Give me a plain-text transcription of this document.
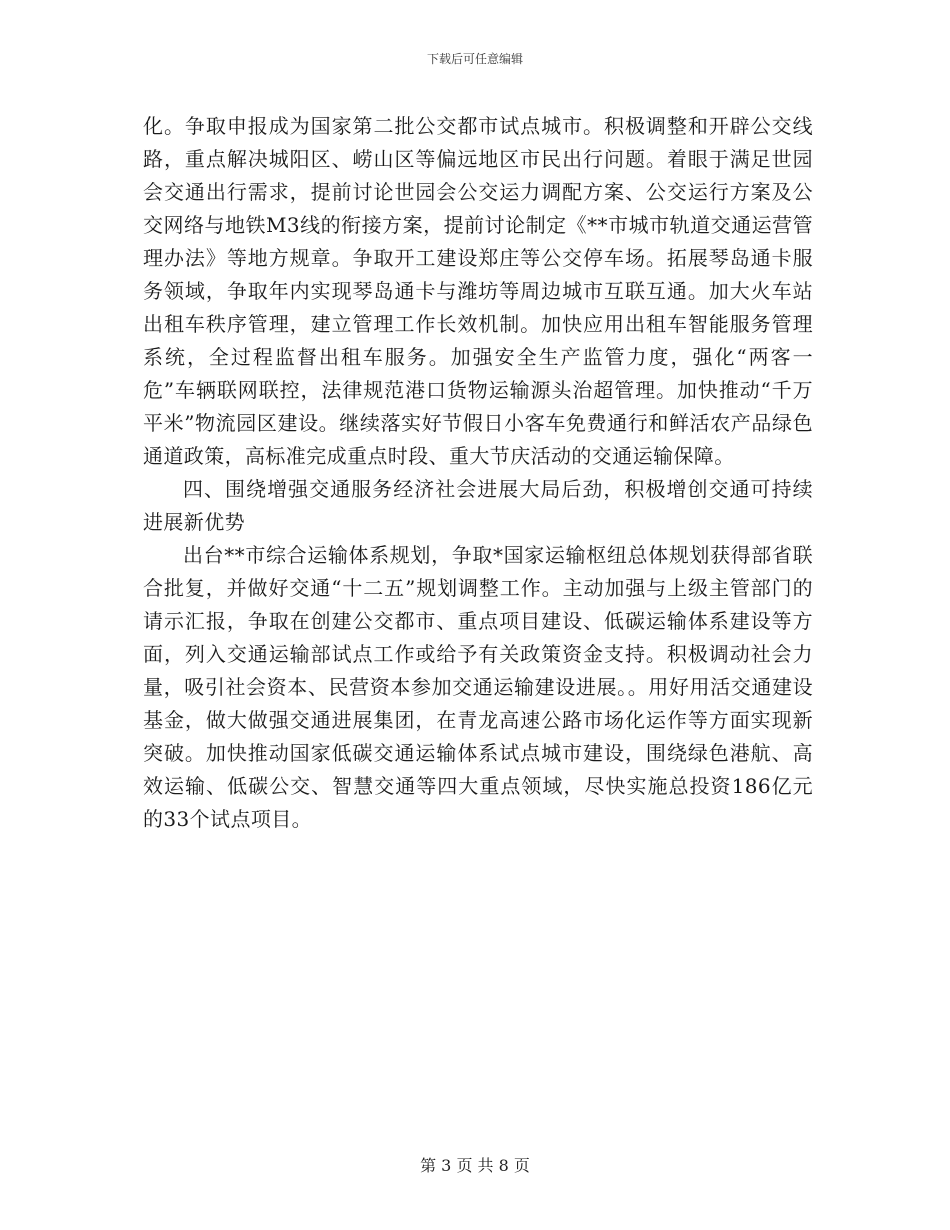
下载后可任意编辑

化。争取申报成为国家第二批公交都市试点城市。积极调整和开辟公交线路，重点解决城阳区、崂山区等偏远地区市民出行问题。着眼于满足世园会交通出行需求，提前讨论世园会公交运力调配方案、公交运行方案及公交网络与地铁M3线的衔接方案，提前讨论制定《**市城市轨道交通运营管理办法》等地方规章。争取开工建设郑庄等公交停车场。拓展琴岛通卡服务领域，争取年内实现琴岛通卡与潍坊等周边城市互联互通。加大火车站出租车秩序管理，建立管理工作长效机制。加快应用出租车智能服务管理系统，全过程监督出租车服务。加强安全生产监管力度，强化“两客一危”车辆联网联控，法律规范港口货物运输源头治超管理。加快推动“千万平米”物流园区建设。继续落实好节假日小客车免费通行和鲜活农产品绿色通道政策，高标准完成重点时段、重大节庆活动的交通运输保障。

四、围绕增强交通服务经济社会进展大局后劲，积极增创交通可持续进展新优势

出台**市综合运输体系规划，争取*国家运输枢纽总体规划获得部省联合批复，并做好交通“十二五”规划调整工作。主动加强与上级主管部门的请示汇报，争取在创建公交都市、重点项目建设、低碳运输体系建设等方面，列入交通运输部试点工作或给予有关政策资金支持。积极调动社会力量，吸引社会资本、民营资本参加交通运输建设进展。。用好用活交通建设基金，做大做强交通进展集团，在青龙高速公路市场化运作等方面实现新突破。加快推动国家低碳交通运输体系试点城市建设，围绕绿色港航、高效运输、低碳公交、智慧交通等四大重点领域，尽快实施总投资186亿元的33个试点项目。

第 3 页 共 8 页
